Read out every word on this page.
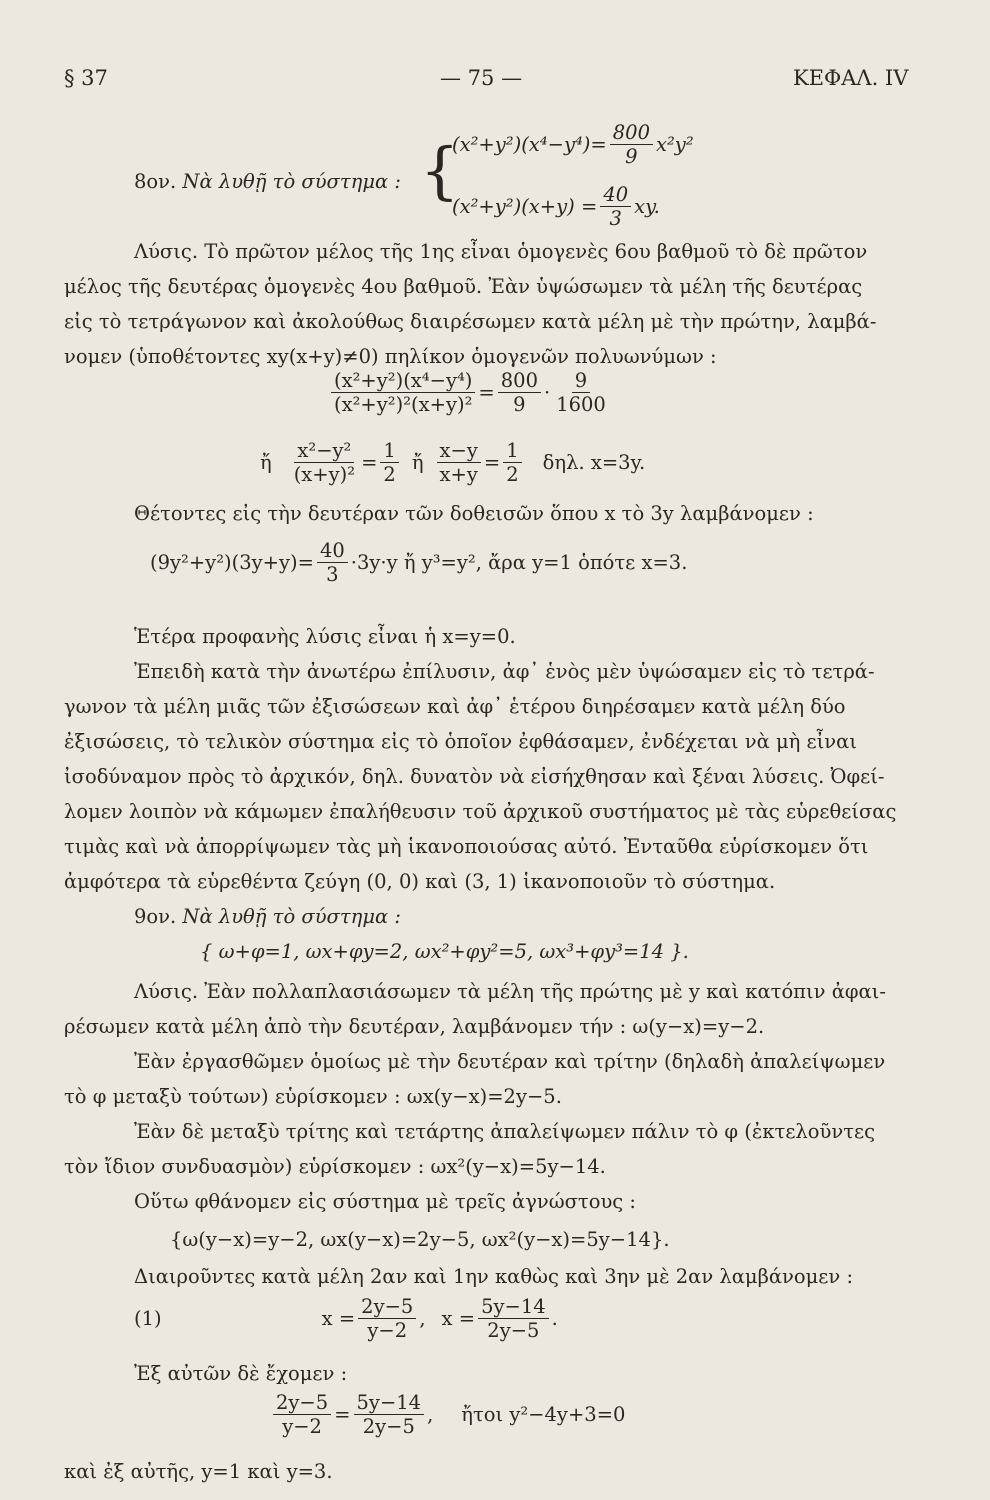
§ 37	— 75 —	ΚΕΦΑΛ. IV
8ον. Νὰ λυθῇ τὸ σύστημα : {
$(x^2+y^2)(x^4-y^4)= \frac{800}{9} x^2y^2$
$(x^2+y^2)(x+y) = \frac{40}{3}$ xy.
Λύσις. Τὸ πρῶτον μέλος τῆς 1ης εἶναι ὁμογενὲς 6ου βαθμοῦ τὸ δὲ πρῶτον
μέλος τῆς δευτέρας ὁμογενὲς 4ου βαθμοῦ. Ἐὰν ὑψώσωμεν τὰ μέλη τῆς δευτέρας
εἰς τὸ τετράγωνον καὶ ἀκολούθως διαιρέσωμεν κατὰ μέλη μὲ τὴν πρώτην, λαμβά-
νομεν (ὑποθέτοντες xy(x+y)≠0) πηλίκον ὁμογενῶν πολυωνύμων :
$\frac{\text{(x²+y²)(x⁴−y⁴)}}{\text{(x²+y²)²(x+y)²}} = \frac{800}{9} \cdot \frac{9}{1600}$
ἤ $\frac{\text{x²−y²}}{\text{(x+y)²}} = \frac{1}{2}$ ἤ $\frac{x-y}{x+y} = \frac{1}{2} \delta\eta\lambda$. x=3y.
Θέτοντες εἰς τὴν δευτέραν τῶν δοθεισῶν ὅπου x τὸ 3y λαμβάνομεν :
$(9y^2+y^2)(3y+y)= \frac{40}{3} \cdot 3y\cdot y$ ἤ y³=y², ἄρα y=1 ὁπότε x=3.
Ἑτέρα προφανὴς λύσις εἶναι ἡ x=y=0.
Ἐπειδὴ κατὰ τὴν ἀνωτέρω ἐπίλυσιν, ἀφ᾽ ἑνὸς μὲν ὑψώσαμεν εἰς τὸ τετρά-
γωνον τὰ μέλη μιᾶς τῶν ἐξισώσεων καὶ ἀφ᾽ ἑτέρου διηρέσαμεν κατὰ μέλη δύο
ἐξισώσεις, τὸ τελικὸν σύστημα εἰς τὸ ὁποῖον ἐφθάσαμεν, ἐνδέχεται νὰ μὴ εἶναι
ἰσοδύναμον πρὸς τὸ ἀρχικόν, δηλ. δυνατὸν νὰ εἰσήχθησαν καὶ ξέναι λύσεις. Ὀφεί-
λομεν λοιπὸν νὰ κάμωμεν ἐπαλήθευσιν τοῦ ἀρχικοῦ συστήματος μὲ τὰς εὑρεθείσας
τιμὰς καὶ νὰ ἀπορρίψωμεν τὰς μὴ ἱκανοποιούσας αὐτό. Ἐνταῦθα εὑρίσκομεν ὅτι
ἀμφότερα τὰ εὑρεθέντα ζεύγη (0, 0) καὶ (3, 1) ἱκανοποιοῦν τὸ σύστημα.
9ον. Νὰ λυθῇ τὸ σύστημα :
{ ω+φ=1, ωx+φy=2, ωx²+φy²=5, ωx³+φy³=14 }.
Λύσις. Ἐὰν πολλαπλασιάσωμεν τὰ μέλη τῆς πρώτης μὲ y καὶ κατόπιν ἀφαι-
ρέσωμεν κατὰ μέλη ἀπὸ τὴν δευτέραν, λαμβάνομεν τήν : ω(y−x)=y−2.
Ἐὰν ἐργασθῶμεν ὁμοίως μὲ τὴν δευτέραν καὶ τρίτην (δηλαδὴ ἀπαλείψωμεν
τὸ φ μεταξὺ τούτων) εὑρίσκομεν : ωx(y−x)=2y−5.
Ἐὰν δὲ μεταξὺ τρίτης καὶ τετάρτης ἀπαλείψωμεν πάλιν τὸ φ (ἐκτελοῦντες
τὸν ἴδιον συνδυασμὸν) εὑρίσκομεν : ωx²(y−x)=5y−14.
Οὕτω φθάνομεν εἰς σύστημα μὲ τρεῖς ἀγνώστους :
{ω(y−x)=y−2, ωx(y−x)=2y−5, ωx²(y−x)=5y−14}.
Διαιροῦντες κατὰ μέλη 2αν καὶ 1ην καθὼς καὶ 3ην μὲ 2αν λαμβάνομεν :
(1)	$x = \frac{2y-5}{y-2}$ , $x = \frac{5y-14}{2y-5}$ .
Ἐξ αὐτῶν δὲ ἔχομεν :
$\frac{2y-5}{y-2} = \frac{5y-14}{2y-5}$ , ἤτοι y²−4y+3=0
καὶ ἐξ αὐτῆς, y=1 καὶ y=3.
